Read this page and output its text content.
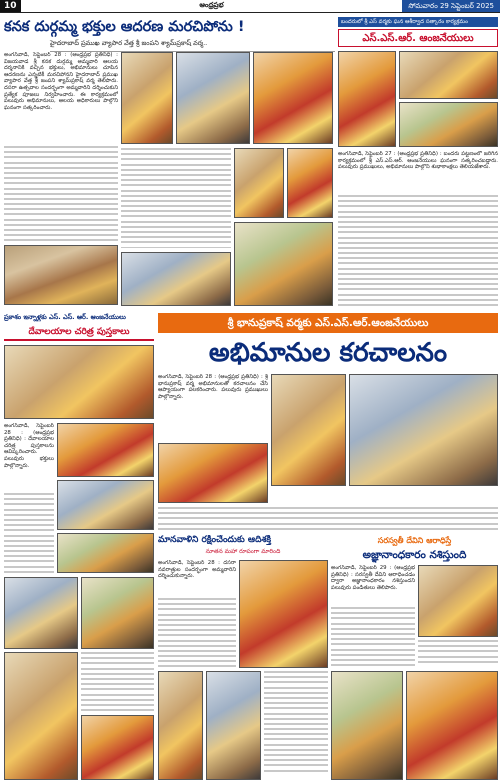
10	ఆంధ్రప్రభ	సోమవారం 29 సెప్టెంబర్ 2025
కనక దుర్గమ్మ భక్తుల ఆదరణ మరచిపోను !
హైదరాబాద్ ప్రముఖ వ్యాపార వేత్త శ్రీ జంపని శ్యామ్‌ప్రకాష్ వర్మ..
అంగన్‌వాడి, సెప్టెంబర్ 28 : (ఆంధ్రప్రభ ప్రతినిధి) : విజయవాడ శ్రీ కనక దుర్గమ్మ అమ్మవారి ఆలయ దర్శనానికి వచ్చిన భక్తులు, అభిమానులు చూపిన ఆదరణను ఎన్నటికీ మరచిపోనని హైదరాబాద్ ప్రముఖ వ్యాపార వేత్త శ్రీ జంపని శ్యామ్‌ప్రకాష్ వర్మ తెలిపారు. దసరా ఉత్సవాల సందర్భంగా అమ్మవారిని దర్శించుకుని ప్రత్యేక పూజలు నిర్వహించారు. ఈ కార్యక్రమంలో పలువురు అభిమానులు, ఆలయ అధికారులు పాల్గొని ఘనంగా సత్కరించారు.
బందరులో శ్రీ ఎస్ వర్మకు ఘన ఆశీర్వాద సత్కారం కార్యక్రమం
ఎస్.ఎస్.ఆర్. ఆంజనేయులు
అంగన్‌వాడి, సెప్టెంబర్ 27 : (ఆంధ్రప్రభ ప్రతినిధి) : బందరు పట్టణంలో జరిగిన కార్యక్రమంలో శ్రీ ఎస్.ఎస్.ఆర్. ఆంజనేయులు ఘనంగా సత్కరించబడ్డారు. పలువురు ప్రముఖులు, అభిమానులు పాల్గొని శుభాకాంక్షలు తెలియజేశారు.
ప్రకాశం ఇన్నాళ్లకు ఎస్. ఎస్. ఆర్. ఆంజనేయులు
దేవాలయాల చరిత్ర పుస్తకాలు
అంగన్‌వాడి, సెప్టెంబర్ 28 : (ఆంధ్రప్రభ ప్రతినిధి) : దేవాలయాల చరిత్ర పుస్తకాలను ఆవిష్కరించారు. పలువురు భక్తులు పాల్గొన్నారు.
శ్రీ భానుప్రకాష్ వర్మకు ఎస్.ఎస్.ఆర్.ఆంజనేయులు
అభిమానుల కరచాలనం
అంగన్‌వాడి, సెప్టెంబర్ 28 : (ఆంధ్రప్రభ ప్రతినిధి) : శ్రీ భానుప్రకాష్ వర్మ అభిమానులతో కరచాలనం చేసి ఆప్యాయంగా పలకరించారు. పలువురు ప్రముఖులు పాల్గొన్నారు.
మానవాళిని రక్షించేందుకు ఆదిశక్తి
నూతన మహా రూపంగా మారింది
అంగన్‌వాడి, సెప్టెంబర్ 28 : దసరా నవరాత్రుల సందర్భంగా అమ్మవారిని దర్శించుకున్నారు.
సరస్వతీ దేవిని ఆరాధిస్తే
అజ్ఞానాంధకారం నశిస్తుంది
అంగన్‌వాడి, సెప్టెంబర్ 29 : (ఆంధ్రప్రభ ప్రతినిధి) : సరస్వతీ దేవిని ఆరాధించడం ద్వారా అజ్ఞానాంధకారం నశిస్తుందని పలువురు పండితులు తెలిపారు.
